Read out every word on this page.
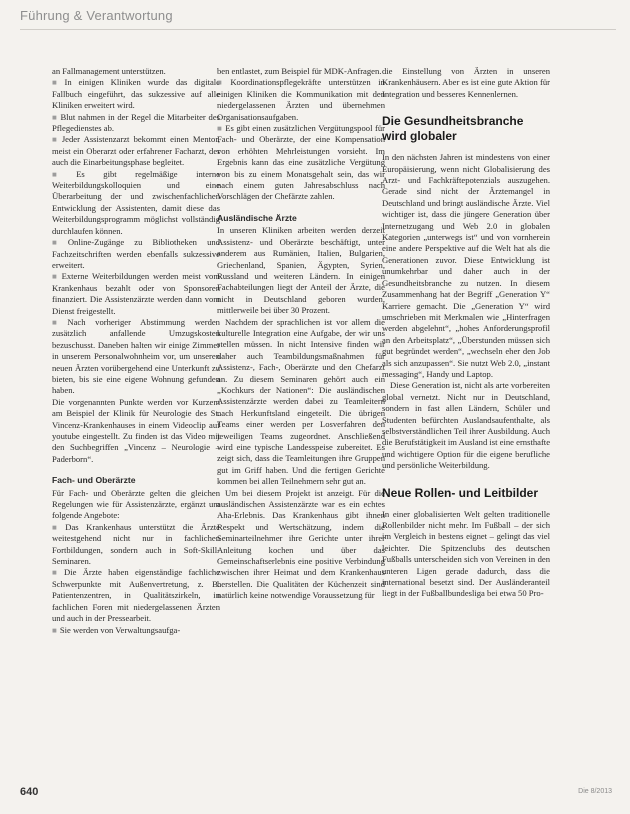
Führung & Verantwortung

an Fallmanagement unterstützen.

■ In einigen Kliniken wurde das digitale Fallbuch eingeführt, das sukzessive auf alle Kliniken erweitert wird.

■ Blut nahmen in der Regel die Mitarbeiter des Pflegedienstes ab.

■ Jeder Assistenzarzt bekommt einen Mentor, meist ein Oberarzt oder erfahrener Facharzt, der auch die Einarbeitungsphase begleitet.

■ Es gibt regelmäßige interne Weiterbildungskolloquien und eine Überarbeitung der und zwischenfachlichen Entwicklung der Assistenten, damit diese das Weiterbildungsprogramm möglichst vollständig durchlaufen können.

■ Online-Zugänge zu Bibliotheken und Fachzeitschriften werden ebenfalls sukzessive erweitert.

■ Externe Weiterbildungen werden meist vom Krankenhaus bezahlt oder von Sponsoren finanziert. Die Assistenzärzte werden dann vom Dienst freigestellt.

■ Nach vorheriger Abstimmung werden zusätzlich anfallende Umzugskosten bezuschusst. Daneben halten wir einige Zimmer in unserem Personalwohnheim vor, um unseren neuen Ärzten vorübergehend eine Unterkunft zu bieten, bis sie eine eigene Wohnung gefunden haben.

Die vorgenannten Punkte werden vor Kurzem am Beispiel der Klinik für Neurologie des St. Vincenz-Krankenhauses in einem Videoclip auf youtube eingestellt. Zu finden ist das Video mit den Suchbegriffen „Vincenz – Neurologie – Paderborn“.

Fach- und Oberärzte

Für Fach- und Oberärzte gelten die gleichen Regelungen wie für Assistenzärzte, ergänzt um folgende Angebote:

■ Das Krankenhaus unterstützt die Ärzte weitestgehend nicht nur in fachlichen Fortbildungen, sondern auch in Soft-Skill-Seminaren.

■ Die Ärzte haben eigenständige fachliche Schwerpunkte mit Außenvertretung, z. B. Patientenzentren, in Qualitätszirkeln, in fachlichen Foren mit niedergelassenen Ärzten und auch in der Pressearbeit.

■ Sie werden von Verwaltungsaufga-

ben entlastet, zum Beispiel für MDK-Anfragen.

■ Koordinationspflegekräfte unterstützen in einigen Kliniken die Kommunikation mit den niedergelassenen Ärzten und übernehmen Organisationsaufgaben.

■ Es gibt einen zusätzlichen Vergütungspool für Fach- und Oberärzte, der eine Kompensation von erhöhten Mehrleistungen vorsieht. Im Ergebnis kann das eine zusätzliche Vergütung von bis zu einem Monatsgehalt sein, das wir nach einem guten Jahresabschluss nach Vorschlägen der Chefärzte zahlen.

Ausländische Ärzte

In unseren Kliniken arbeiten werden derzeit Assistenz- und Oberärzte beschäftigt, unter anderem aus Rumänien, Italien, Bulgarien, Griechenland, Spanien, Ägypten, Syrien, Russland und weiteren Ländern. In einigen Fachabteilungen liegt der Anteil der Ärzte, die nicht in Deutschland geboren wurden, mittlerweile bei über 30 Prozent.

Nachdem der sprachlichen ist vor allem die kulturelle Integration eine Aufgabe, der wir uns stellen müssen. In nicht Intensive finden wir daher auch Teambildungsmaßnahmen für Assistenz-, Fach-, Oberärzte und den Chefarzt an. Zu diesem Seminaren gehört auch ein „Kochkurs der Nationen“: Die ausländischen Assistenzärzte werden dabei zu Teamleitern nach Herkunftsland eingeteilt. Die übrigen Teams einer werden per Losverfahren den jeweiligen Teams zugeordnet. Anschließend wird eine typische Landesspeise zubereitet. Es zeigt sich, dass die Teamleitungen ihre Gruppen gut im Griff haben. Und die fertigen Gerichte kommen bei allen Teilnehmern sehr gut an.

Um bei diesem Projekt ist anzeigt. Für die ausländischen Assistenzärzte war es ein echtes Aha-Erlebnis. Das Krankenhaus gibt ihnen Respekt und Wertschätzung, indem die Seminarteilnehmer ihre Gerichte unter ihrer Anleitung kochen und über das Gemeinschaftserlebnis eine positive Verbindung zwischen ihrer Heimat und dem Krankenhaus herstellen. Die Qualitäten der Küchenzeit sind natürlich keine notwendige Voraussetzung für

die Einstellung von Ärzten in unseren Krankenhäusern. Aber es ist eine gute Aktion für Integration und besseres Kennenlernen.

Die Gesundheitsbranche wird globaler

In den nächsten Jahren ist mindestens von einer Europäisierung, wenn nicht Globalisierung des Arzt- und Fachkräftepotenzials auszugehen. Gerade sind nicht der Ärztemangel in Deutschland und bringt ausländische Ärzte. Viel wichtiger ist, dass die jüngere Generation über Internetzugang und Web 2.0 in globalen Kategorien „unterwegs ist“ und von vornherein eine andere Perspektive auf die Welt hat als die Generationen zuvor. Diese Entwicklung ist unumkehrbar und daher auch in der Gesundheitsbranche zu nutzen. In diesem Zusammenhang hat der Begriff „Generation Y“ Karriere gemacht. Die „Generation Y“ wird umschrieben mit Merkmalen wie „Hinterfragen werden abgelehnt“, „hohes Anforderungsprofil an den Arbeitsplatz“, „Überstunden müssen sich gut begründet werden“, „wechseln eher den Job als sich anzupassen“. Sie nutzt Web 2.0, „instant messaging“, Handy und Laptop.

Diese Generation ist, nicht als arte vorbereiten global vernetzt. Nicht nur in Deutschland, sondern in fast allen Ländern, Schüler und Studenten befürchten Auslandsaufenthalte, als selbstverständlichen Teil ihrer Ausbildung. Auch die Berufstätigkeit im Ausland ist eine ernsthafte und wichtigere Option für die eigene berufliche und persönliche Weiterbildung.

Neue Rollen- und Leitbilder

In einer globalisierten Welt gelten traditionelle Rollenbilder nicht mehr. Im Fußball – der sich im Vergleich in bestens eignet – gelingt das viel leichter. Die Spitzenclubs des deutschen Fußballs unterscheiden sich von Vereinen in den unteren Ligen gerade dadurch, dass die international besetzt sind. Der Ausländeranteil liegt in der Fußballbundesliga bei etwa 50 Pro-

640	Die 8/2013
